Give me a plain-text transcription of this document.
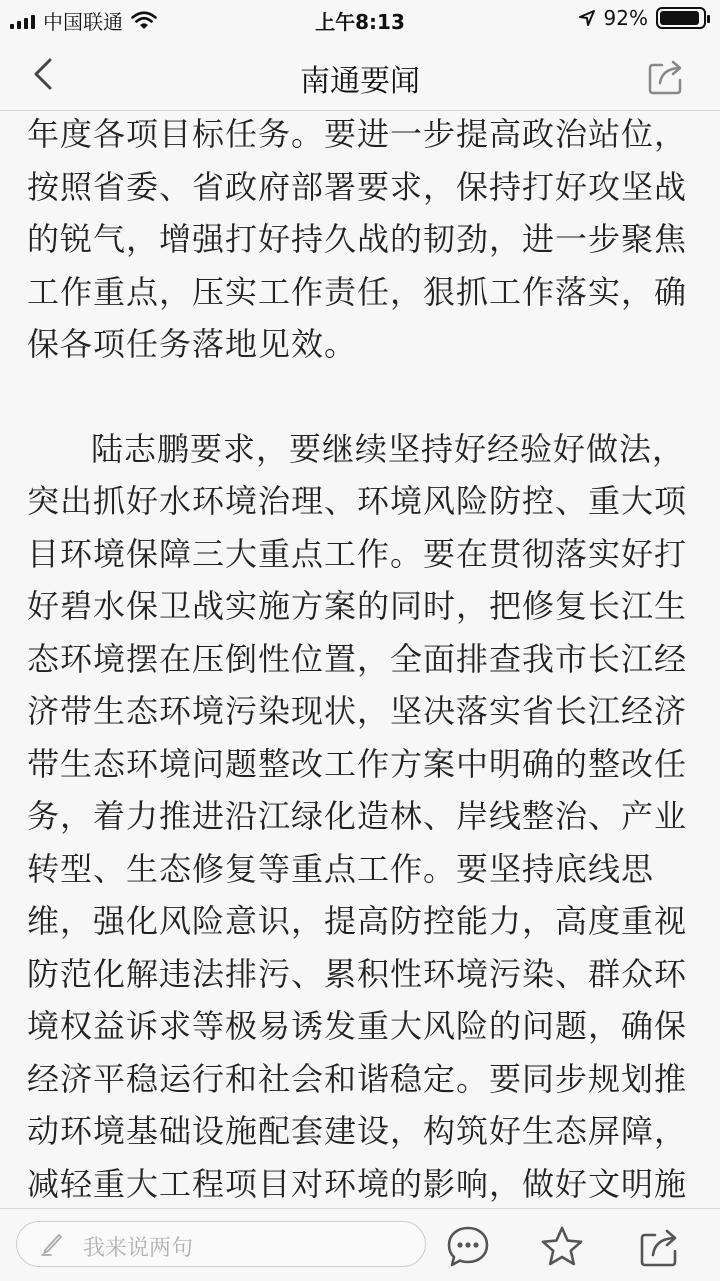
中国联通	上午8:13	92%
南通要闻

年度各项目标任务。要进一步提高政治站位，按照省委、省政府部署要求，保持打好攻坚战的锐气，增强打好持久战的韧劲，进一步聚焦工作重点，压实工作责任，狠抓工作落实，确保各项任务落地见效。

陆志鹏要求，要继续坚持好经验好做法，突出抓好水环境治理、环境风险防控、重大项目环境保障三大重点工作。要在贯彻落实好打好碧水保卫战实施方案的同时，把修复长江生态环境摆在压倒性位置，全面排查我市长江经济带生态环境污染现状，坚决落实省长江经济带生态环境问题整改工作方案中明确的整改任务，着力推进沿江绿化造林、岸线整治、产业转型、生态修复等重点工作。要坚持底线思维，强化风险意识，提高防控能力，高度重视防范化解违法排污、累积性环境污染、群众环境权益诉求等极易诱发重大风险的问题，确保经济平稳运行和社会和谐稳定。要同步规划推动环境基础设施配套建设，构筑好生态屏障，减轻重大工程项目对环境的影响，做好文明施

我来说两句
